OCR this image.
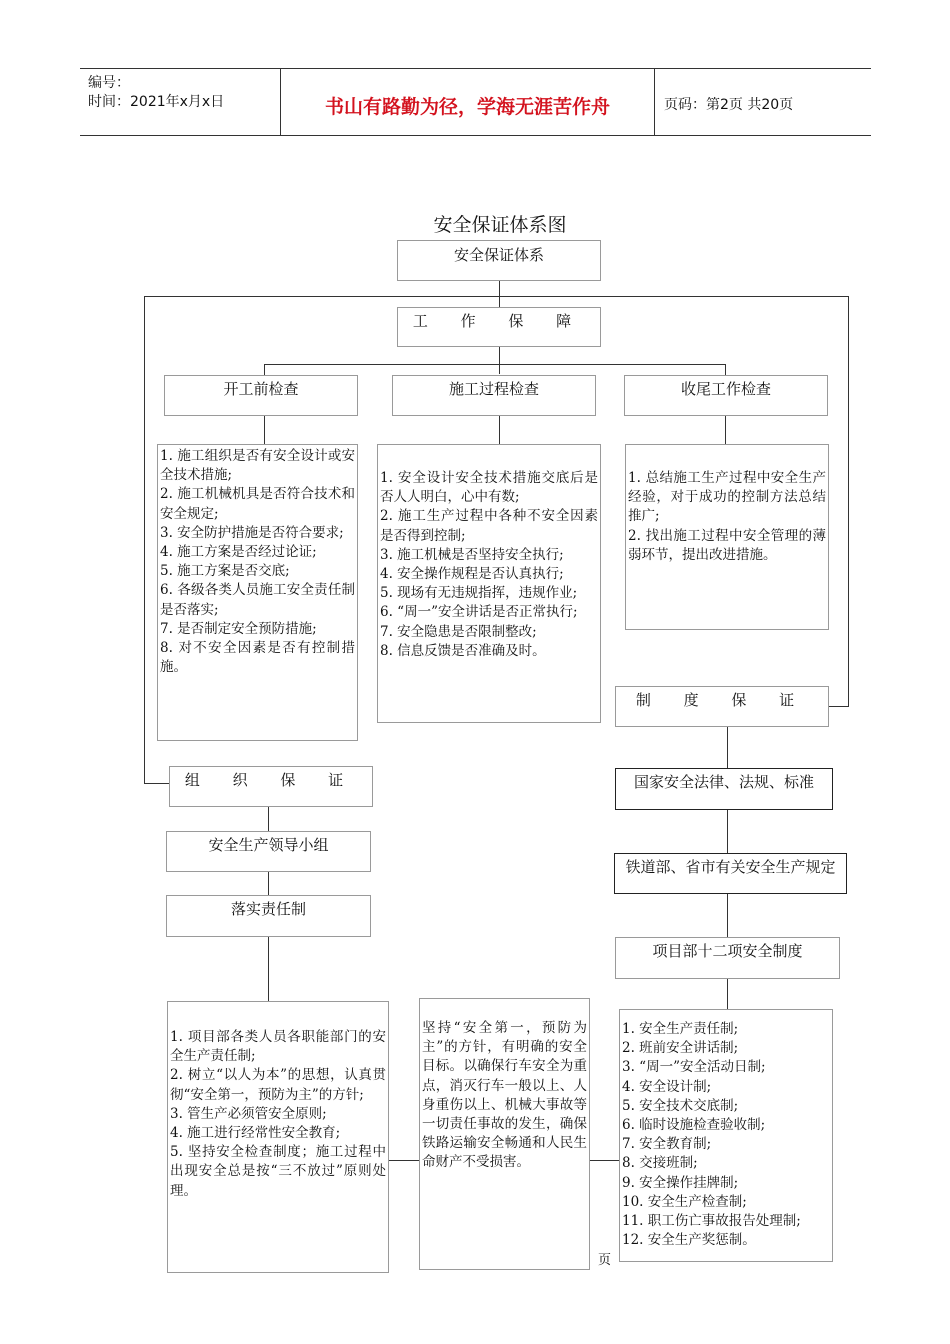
编号：
时间：2021年x月x日	书山有路勤为径，学海无涯苦作舟	页码：第2页 共20页
安全保证体系图
安全保证体系
工 作 保 障
开工前检查	施工过程检查	收尾工作检查
1. 施工组织是否有安全设计或安全技术措施;
2. 施工机械机具是否符合技术和安全规定;
3. 安全防护措施是否符合要求;
4. 施工方案是否经过论证;
5. 施工方案是否交底;
6. 各级各类人员施工安全责任制是否落实;
7. 是否制定安全预防措施;
8. 对不安全因素是否有控制措施。
1. 安全设计安全技术措施交底后是否人人明白，心中有数;
2. 施工生产过程中各种不安全因素是否得到控制;
3. 施工机械是否坚持安全执行;
4. 安全操作规程是否认真执行;
5. 现场有无违规指挥，违规作业;
6. “周一”安全讲话是否正常执行;
7. 安全隐患是否限制整改;
8. 信息反馈是否准确及时。
1. 总结施工生产过程中安全生产经验，对于成功的控制方法总结推广;
2. 找出施工过程中安全管理的薄弱环节，提出改进措施。
制 度 保 证
国家安全法律、法规、标准
铁道部、省市有关安全生产规定
项目部十二项安全制度
1. 安全生产责任制;
2. 班前安全讲话制;
3. “周一”安全活动日制;
4. 安全设计制;
5. 安全技术交底制;
6. 临时设施检查验收制;
7. 安全教育制;
8. 交接班制;
9. 安全操作挂牌制;
10. 安全生产检查制;
11. 职工伤亡事故报告处理制;
12. 安全生产奖惩制。
组 织 保 证
安全生产领导小组
落实责任制
1. 项目部各类人员各职能部门的安全生产责任制;
2. 树立“以人为本”的思想，认真贯彻“安全第一，预防为主”的方针;
3. 管生产必须管安全原则;
4. 施工进行经常性安全教育;
5. 坚持安全检查制度；施工过程中出现安全总是按“三不放过”原则处理。
坚持“安全第一，预防为主”的方针，有明确的安全目标。以确保行车安全为重点，消灭行车一般以上、人身重伤以上、机械大事故等一切责任事故的发生，确保铁路运输安全畅通和人民生命财产不受损害。
页
